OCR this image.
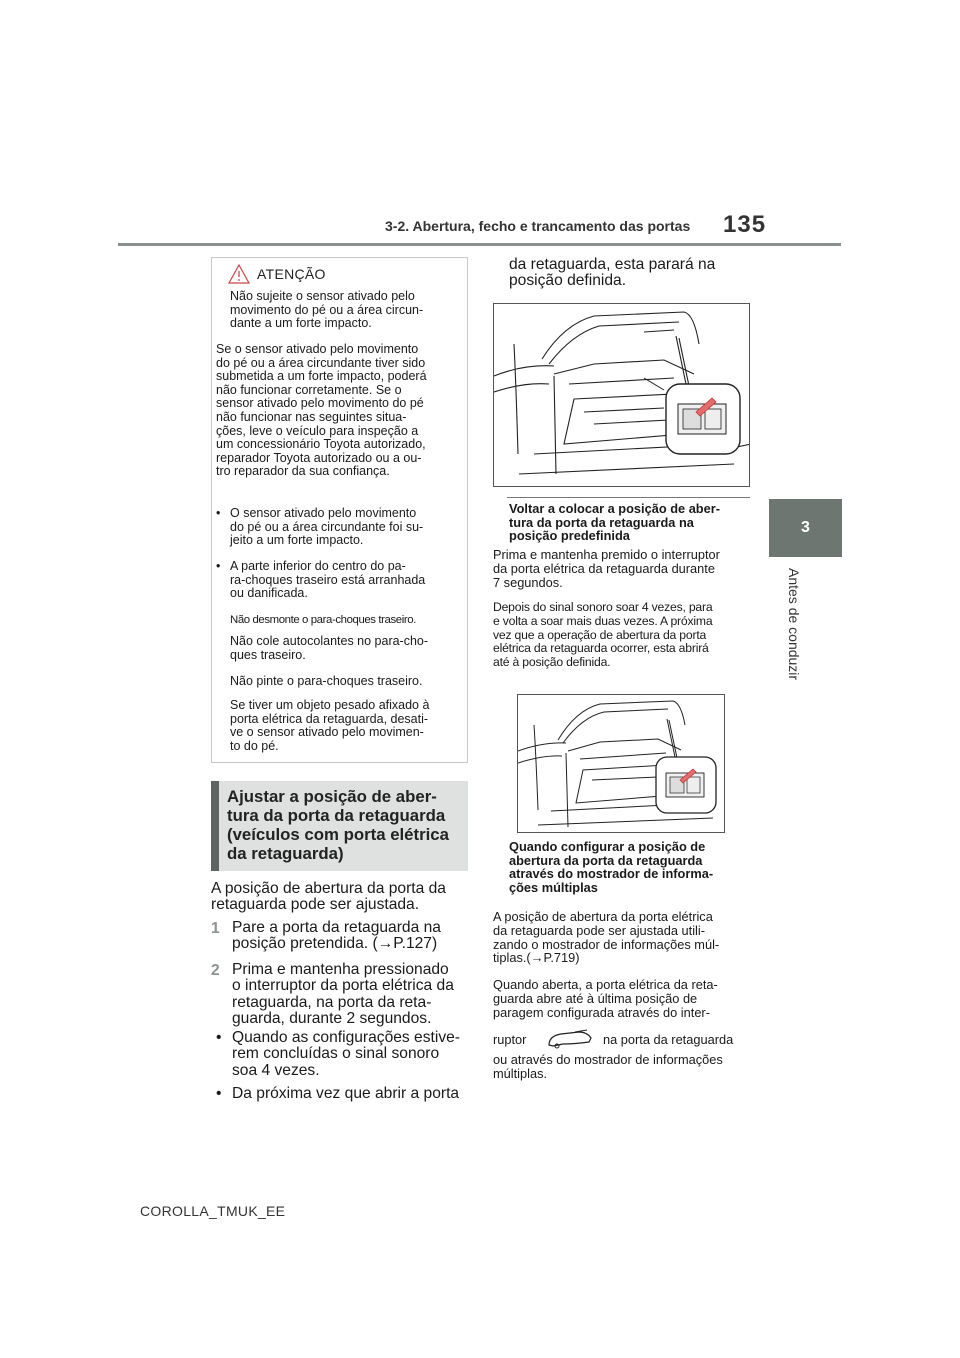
3-2. Abertura, fecho e trancamento das portas 135
3
Antes de conduzir
ATENÇÃO

Não sujeite o sensor ativado pelo
movimento do pé ou a área circun-
dante a um forte impacto.

Se o sensor ativado pelo movimento
do pé ou a área circundante tiver sido
submetida a um forte impacto, poderá
não funcionar corretamente. Se o
sensor ativado pelo movimento do pé
não funcionar nas seguintes situa-
ções, leve o veículo para inspeção a
um concessionário Toyota autorizado,
reparador Toyota autorizado ou a ou-
tro reparador da sua confiança.

• O sensor ativado pelo movimento
do pé ou a área circundante foi su-
jeito a um forte impacto.

• A parte inferior do centro do pa-
ra-choques traseiro está arranhada
ou danificada.

Não desmonte o para-choques traseiro.

Não cole autocolantes no para-cho-
ques traseiro.

Não pinte o para-choques traseiro.

Se tiver um objeto pesado afixado à
porta elétrica da retaguarda, desati-
ve o sensor ativado pelo movimen-
to do pé.

Ajustar a posição de aber-
tura da porta da retaguarda
(veículos com porta elétrica
da retaguarda)
A posição de abertura da porta da
retaguarda pode ser ajustada.
1 Pare a porta da retaguarda na
posição pretendida. (→P.127)
2 Prima e mantenha pressionado
o interruptor da porta elétrica da
retaguarda, na porta da reta-
guarda, durante 2 segundos.
• Quando as configurações estive-
rem concluídas o sinal sonoro
soa 4 vezes.
• Da próxima vez que abrir a porta
da retaguarda, esta parará na
posição definida.
Voltar a colocar a posição de aber-
tura da porta da retaguarda na
posição predefinida
Prima e mantenha premido o interruptor
da porta elétrica da retaguarda durante
7 segundos.
Depois do sinal sonoro soar 4 vezes, para
e volta a soar mais duas vezes. A próxima
vez que a operação de abertura da porta
elétrica da retaguarda ocorrer, esta abrirá
até à posição definida.
Quando configurar a posição de
abertura da porta da retaguarda
através do mostrador de informa-
ções múltiplas
A posição de abertura da porta elétrica
da retaguarda pode ser ajustada utili-
zando o mostrador de informações múl-
tiplas.(→P.719)
Quando aberta, a porta elétrica da reta-
guarda abre até à última posição de
paragem configurada através do inter-
ruptor	na porta da retaguarda
ou através do mostrador de informações
múltiplas.
COROLLA_TMUK_EE
